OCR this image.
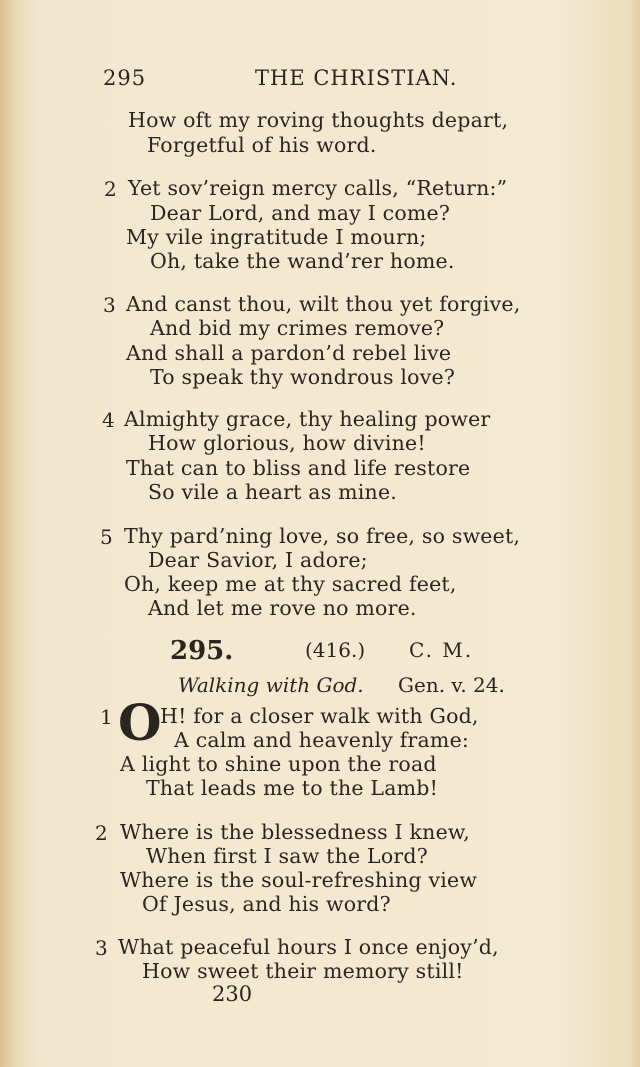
295	THE CHRISTIAN.
How oft my roving thoughts depart,
Forgetful of his word.
Yet sov’reign mercy calls, “Return:”
Dear Lord, and may I come?
My vile ingratitude I mourn;
Oh, take the wand’rer home.
And canst thou, wilt thou yet forgive,
And bid my crimes remove?
And shall a pardon’d rebel live
To speak thy wondrous love?
Almighty grace, thy healing power
How glorious, how divine!
That can to bliss and life restore
So vile a heart as mine.
Thy pard’ning love, so free, so sweet,
Dear Savior, I adore;
Oh, keep me at thy sacred feet,
And let me rove no more.
H! for a closer walk with God,
A calm and heavenly frame:
A light to shine upon the road
That leads me to the Lamb!
Where is the blessedness I knew,
When first I saw the Lord?
Where is the soul-refreshing view
Of Jesus, and his word?
What peaceful hours I once enjoy’d,
How sweet their memory still!
2
3
4
5
1
2
3
295.	(416.) C. M.
Walking with God. Gen. v. 24.
O
230
